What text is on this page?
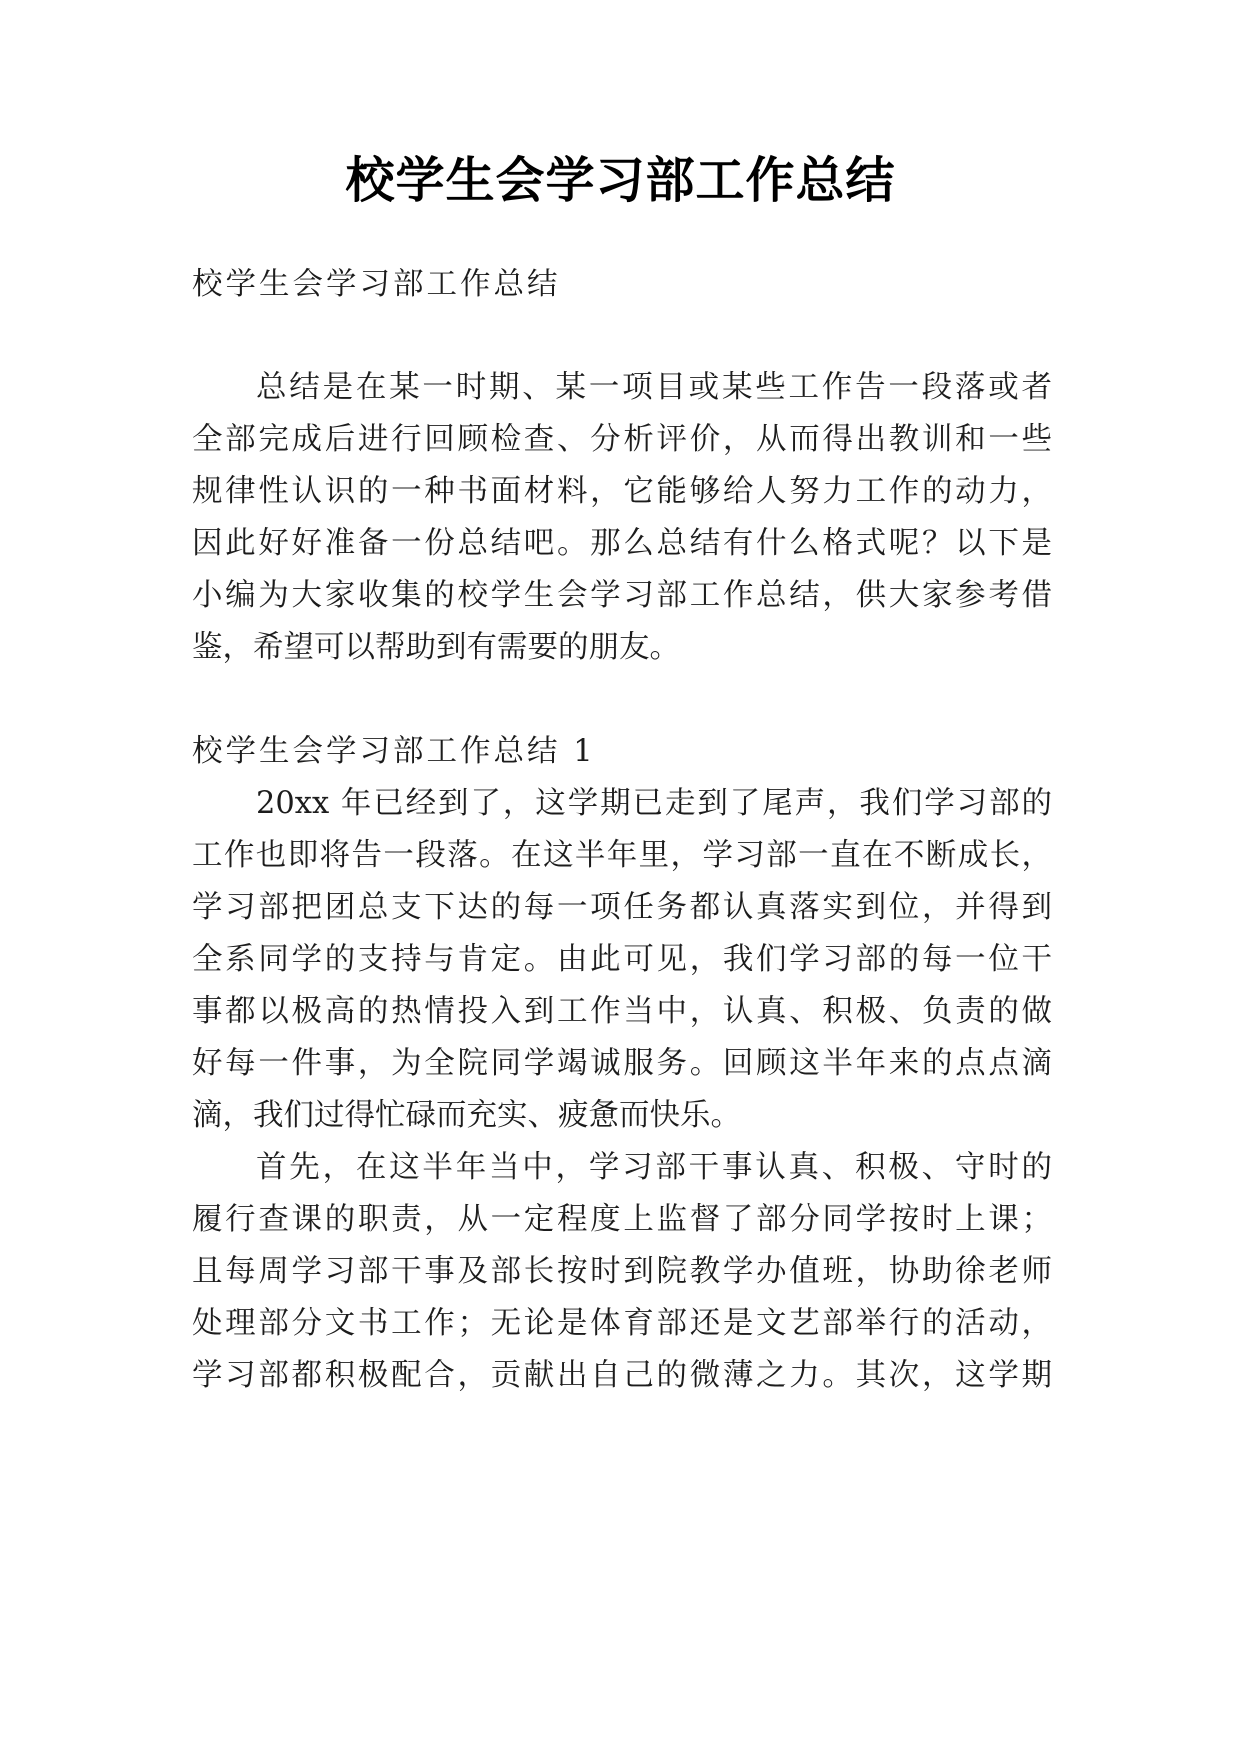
校学生会学习部工作总结
校学生会学习部工作总结
总结是在某一时期、某一项目或某些工作告一段落或者
全部完成后进行回顾检查、分析评价，从而得出教训和一些
规律性认识的一种书面材料，它能够给人努力工作的动力，
因此好好准备一份总结吧。那么总结有什么格式呢？以下是
小编为大家收集的校学生会学习部工作总结，供大家参考借
鉴，希望可以帮助到有需要的朋友。
校学生会学习部工作总结 1
20xx 年已经到了，这学期已走到了尾声，我们学习部的
工作也即将告一段落。在这半年里，学习部一直在不断成长，
学习部把团总支下达的每一项任务都认真落实到位，并得到
全系同学的支持与肯定。由此可见，我们学习部的每一位干
事都以极高的热情投入到工作当中，认真、积极、负责的做
好每一件事，为全院同学竭诚服务。回顾这半年来的点点滴
滴，我们过得忙碌而充实、疲惫而快乐。
首先，在这半年当中，学习部干事认真、积极、守时的
履行查课的职责，从一定程度上监督了部分同学按时上课；
且每周学习部干事及部长按时到院教学办值班，协助徐老师
处理部分文书工作；无论是体育部还是文艺部举行的活动，
学习部都积极配合，贡献出自己的微薄之力。其次，这学期
